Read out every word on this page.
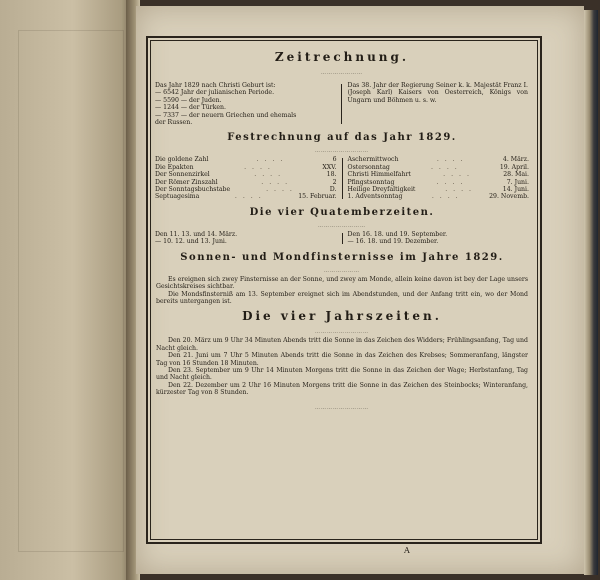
Zeitrechnung.
⋯⋯⋯⋯⋯⋯⋯
Das Jahr 1829 nach Christi Geburt ist:
— 6542 Jahr der julianischen Periode.
— 5590 — der Juden.
— 1244 — der Türken.
— 7337 — der neuern Griechen und ehemals
der Russen.
Das 38. Jahr der Regierung Seiner k. k. Majestät Franz I. (Joseph Karl) Kaisers von Oesterreich, Königs von Ungarn und Böhmen u. s. w.
Festrechnung auf das Jahr 1829.
⋯⋯⋯⋯⋯⋯⋯⋯⋯
Die goldene Zahl	. . . .	6
Die Epakten	. . . .	XXV.
Der Sonnenzirkel	. . . .	18.
Der Römer Zinszahl	. . . .	2
Der Sonntagsbuchstabe	. . . .	D.
Septuagesima	. . . .	15. Februar.
Aschermittwoch	. . . .	4. März.
Ostersonntag	. . . .	19. April.
Christi Himmelfahrt	. . . .	28. Mai.
Pfingstsonntag	. . . .	7. Juni.
Heilige Dreyfaltigkeit	. . . .	14. Juni.
1. Adventsonntag	. . . .	29. Novemb.
Die vier Quatemberzeiten.
⋯⋯⋯⋯⋯⋯⋯⋯
Den 11. 13. und 14. März.
— 10. 12. und 13. Juni.
Den 16. 18. und 19. September.
— 16. 18. und 19. Dezember.
Sonnen- und Mondfinsternisse im Jahre 1829.
⋯⋯⋯⋯⋯⋯
Es ereignen sich zwey Finsternisse an der Sonne, und zwey am Monde, allein keine davon ist bey der Lage unsers Gesichtskreises sichtbar.
Die Mondsfinsterniß am 13. September ereignet sich im Abendstunden, und der Anfang tritt ein, wo der Mond bereits untergangen ist.
Die vier Jahrszeiten.
⋯⋯⋯⋯⋯⋯⋯⋯⋯
Den 20. März um 9 Uhr 34 Minuten Abends tritt die Sonne in das Zeichen des Widders; Frühlingsanfang, Tag und Nacht gleich.
Den 21. Juni um 7 Uhr 5 Minuten Abends tritt die Sonne in das Zeichen des Krebses; Sommeranfang, längster Tag von 16 Stunden 18 Minuten.
Den 23. September um 9 Uhr 14 Minuten Morgens tritt die Sonne in das Zeichen der Wage; Herbstanfang, Tag und Nacht gleich.
Den 22. Dezember um 2 Uhr 16 Minuten Morgens tritt die Sonne in das Zeichen des Steinbocks; Winteranfang, kürzester Tag von 8 Stunden.
⋯⋯⋯⋯⋯⋯⋯⋯⋯
A
